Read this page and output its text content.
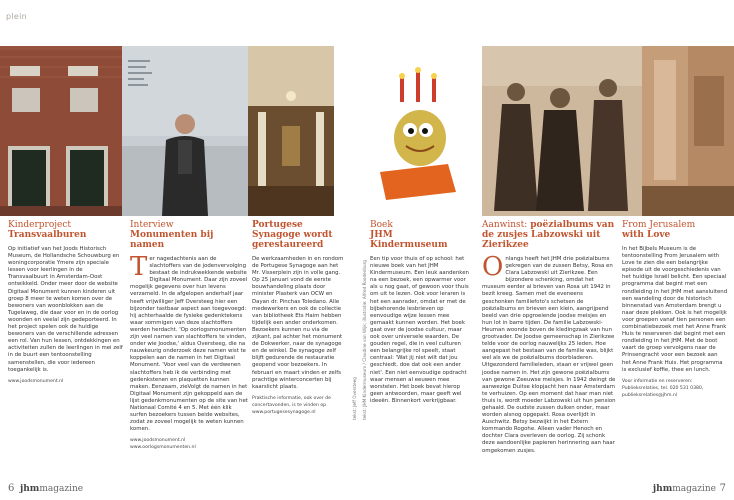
plein
Kinderproject
Transvaalburen

Op initiatief van het Joods Historisch Museum, de Hollandsche Schouwburg en woningcorporatie Ymere zijn speciale lessen voor leerlingen in de Transvaalbuurt in Amsterdam-Oost ontwikkeld. Onder meer door de website Digitaal Monument kunnen kinderen uit groep 8 meer te weten komen over de bewoners van woonblokken aan de Tugelaweg, die daar voor en in de oorlog woonden en veelal zijn gedeporteerd. In het project spelen ook de huidige bewoners van de verschillende adressen een rol. Van hun lessen, ontdekkingen en activiteiten zullen de leerlingen in mei zelf in de buurt een tentoonstelling samenstellen, die voor iedereen toegankelijk is.

www.joodsmonument.nl
Interview
Monumenten bij namen
T er nagedachtenis aan de slachtoffers van de jodenvervolging bestaat de indrukwekkende website Digitaal Monument. Daar zijn zoveel mogelijk gegevens over hun levens verzameld. In de afgelopen anderhalf jaar heeft vrijwilliger Jeff Oversteeg hier een bijzonder tastbaar aspect aan toegevoegd: hij achterhaalde de fysieke gedenktekens waar sommigen van deze slachtoffers werden herdacht. 'Op oorlogsmonumenten zijn veel namen van slachtoffers te vinden, onder wie Joodse,' aldus Oversteeg, die na nauwkeurig onderzoek deze namen wist te koppelen aan de namen in het Digitaal Monument. 'Voor veel van de verdwenen slachtoffers heb ik de verbinding met gedenkstenen en plaquetten kunnen maken. Eenzaam, zieVolgt de namen in het Digitaal Monument zijn gekoppeld aan de lijst gedenkmonumenten op de site van het Nationaal Comité 4 en 5. Met één klik surfen bezoekers tussen beide websites, zodat ze zoveel mogelijk te weten kunnen komen.

www.joodsmonument.nl www.oorlogsmonumenten.nl
Portugese Synagoge wordt gerestaureerd

De werkzaamheden in en rondom de Portugese Synagoge aan het Mr. Visserplein zijn in volle gang. Op 25 januari vond de eerste bouwhandeling plaats door minister Plasterk van OCW en Dayan dr. Pinchas Toledano. Alle medewerkers en ook de collectie van bibliotheek Ets Haim hebben tijdelijk een ander onderkomen. Bezoekers kunnen nu via de zijkant, pal achter het monument de Dokwerker, naar de synagoge en de winkel. De synagoge zelf blijft gedurende de restauratie geopend voor bezoekers. In februari en maart vinden er zelfs prachtige winterconcerten bij kaarslicht plaats.

Praktische informatie, ook over de concertavonden, is te vinden op www.portugesesynagoge.nl	tekst: Jeff Oversteeg tekst: JHM Kindermuseum / Claudine van Wijk; illustratie: Alfred Roodenburg
Boek
JHM Kindermuseum

Een tip voor thuis of op school: het nieuwe boek van het JHM Kindermuseum. Een leuk aandenken na een bezoek, een opwarmer voor als u nog gaat, of gewoon voor thuis om uit te lezen. Ook voor leraren is het een aanrader, omdat er met de bijbehorende lesbrieven op eenvoudige wijze lessen mee gemaakt kunnen worden. Het boek gaat over de joodse cultuur, maar ook over universele waarden. De gouden regel, die in veel culturen een belangrijke rol speelt, staat centraal: 'Wat jij niet wilt dat jou geschiedt, doe dat ook een ander niet'. Een niet eenvoudige opdracht waar mensen al eeuwen mee worstelen. Het boek bevat hierop geen antwoorden, maar geeft wel ideeën. Binnenkort verkrijgbaar.

Aanwinst: poëzialbums van de zusjes Labzowski uit Zierikzee
O nlangs heeft het JHM drie poëzialbums gekregen van de zussen Betsy, Rosa en Clara Labzowski uit Zierikzee. Een bijzondere schenking, omdat het museum eerder al brieven van Rosa uit 1942 in bezit kreeg. Samen met de eveneens geschonken familiefoto's schetsen de poëzialbums en brieven een klein, aangrijpend beeld van drie opgroeiende joodse meisjes en hun lot in barre tijden. De familie Labzowski-Heuman woonde boven de kledingzaak van hun grootvader. De Joodse gemeenschap in Zierikzee telde voor de oorlog nauwelijks 25 leden. Hoe aangepast het bestaan van de familie was, blijkt wel als we de poëzialbums doorbladeren. Uitgezonderd familieleden, staan er vrijwel geen joodse namen in. Het zijn gewone poëzialbums van gewone Zeeuwse meisjes. In 1942 dwingt de aanwezige Duitse klopjacht hen naar Amsterdam te verhuizen. Op een moment dat haar man niet thuis is, wordt moeder Labzowski uit hun pension gehaald. De oudste zussen duiken onder, maar worden alsnog opgepakt. Rosa overlijdt in Auschwitz. Betsy bezwijkt in het Extern kommando Rogohe. Alleen vader Henoch en dochter Clara overleven de oorlog. Zij schonk deze aandoenlijke papieren herinnering aan haar omgekomen zusjes.

From Jerusalem
with Love

In het Bijbels Museum is de tentoonstelling From Jerusalem with Love te zien die een belangrijke episode uit de voorgeschiedenis van het huidige Israël belicht. Een speciaal programma dat begint met een rondleiding in het JHM met aansluitend een wandeling door de historisch binnenstad van Amsterdam brengt u naar deze plekken. Ook is het mogelijk voor groepen vanaf tien personen een combinatiebezoek met het Anne Frank Huis te reserveren dat begint met een rondleiding in het JHM. Met de boot vaart de groep vervolgens naar de Prinsengracht voor een bezoek aan het Anne Frank Huis. Het programma is exclusief koffie, thee en lunch.

Voor informatie en reserveren: Publieksrelaties, tel. 020 531 0380, publieksrelaties@jhm.nl
6 jhmmagazine	jhmmagazine 7
